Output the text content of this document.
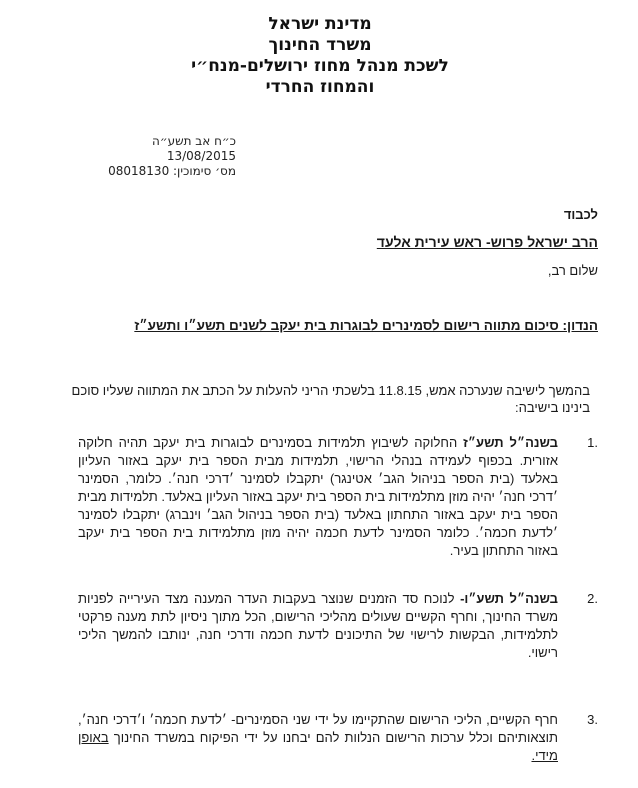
מדינת ישראל
משרד החינוך
לשכת מנהל מחוז ירושלים-מנח״י
והמחוז החרדי
כ״ח אב תשע״ה
13/08/2015
מס׳ סימוכין: 08018130
לכבוד
הרב ישראל פרוש- ראש עירית אלעד
שלום רב,
הנדון: סיכום מתווה רישום לסמינרים לבוגרות בית יעקב לשנים תשע״ו ותשע״ז
בהמשך לישיבה שנערכה אמש, 11.8.15 בלשכתי הריני להעלות על הכתב את המתווה שעליו סוכם בינינו בישיבה:
1.
בשנה״ל תשע״ז החלוקה לשיבוץ תלמידות בסמינרים לבוגרות בית יעקב תהיה חלוקה אזורית. בכפוף לעמידה בנהלי הרישוי, תלמידות מבית הספר בית יעקב באזור העליון באלעד (בית הספר בניהול הגב׳ אטינגר) יתקבלו לסמינר ׳דרכי חנה׳. כלומר, הסמינר ׳דרכי חנה׳ יהיה מוזן מתלמידות בית הספר בית יעקב באזור העליון באלעד. תלמידות מבית הספר בית יעקב באזור התחתון באלעד (בית הספר בניהול הגב׳ וינברג) יתקבלו לסמינר ׳לדעת חכמה׳. כלומר הסמינר לדעת חכמה יהיה מוזן מתלמידות בית הספר בית יעקב באזור התחתון בעיר.
2.
בשנה״ל תשע״ו- לנוכח סד הזמנים שנוצר בעקבות העדר המענה מצד העירייה לפניות משרד החינוך, וחרף הקשיים שעולים מהליכי הרישום, הכל מתוך ניסיון לתת מענה פרקטי לתלמידות, הבקשות לרישוי של התיכונים לדעת חכמה ודרכי חנה, ינותבו להמשך הליכי רישוי.
3.
חרף הקשיים, הליכי הרישום שהתקיימו על ידי שני הסמינרים- ׳לדעת חכמה׳ ו׳דרכי חנה׳, תוצאותיהם וכלל ערכות הרישום הנלוות להם יבחנו על ידי הפיקוח במשרד החינוך באופן מידי.
